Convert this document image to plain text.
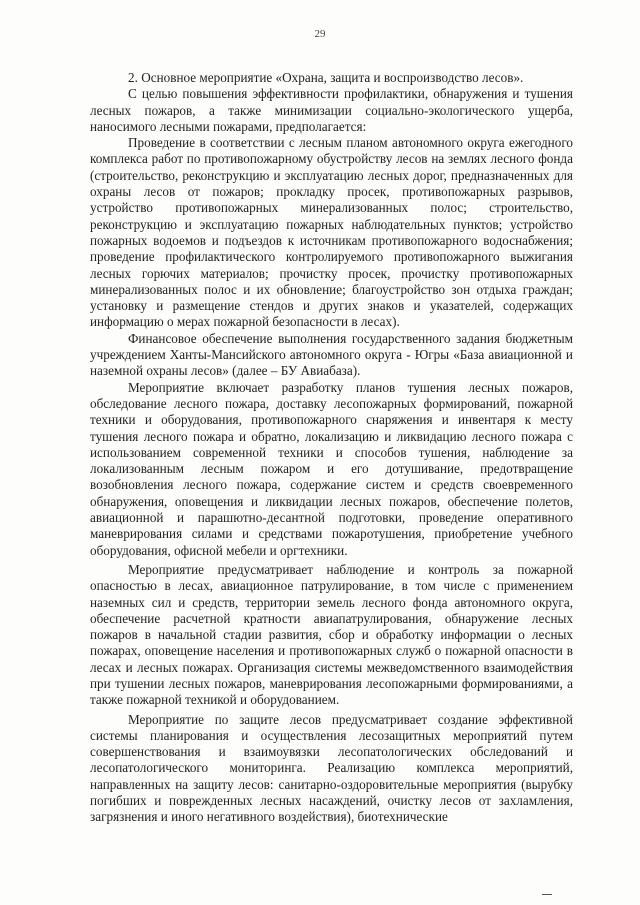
29

2. Основное мероприятие «Охрана, защита и воспроизводство лесов».

С целью повышения эффективности профилактики, обнаружения и тушения лесных пожаров, а также минимизации социально-экологического ущерба, наносимого лесными пожарами, предполагается:

Проведение в соответствии с лесным планом автономного округа ежегодного комплекса работ по противопожарному обустройству лесов на землях лесного фонда (строительство, реконструкцию и эксплуатацию лесных дорог, предназначенных для охраны лесов от пожаров; прокладку просек, противопожарных разрывов, устройство противопожарных минерализованных полос; строительство, реконструкцию и эксплуатацию пожарных наблюдательных пунктов; устройство пожарных водоемов и подъездов к источникам противопожарного водоснабжения; проведение профилактического контролируемого противопожарного выжигания лесных горючих материалов; прочистку просек, прочистку противопожарных минерализованных полос и их обновление; благоустройство зон отдыха граждан; установку и размещение стендов и других знаков и указателей, содержащих информацию о мерах пожарной безопасности в лесах).

Финансовое обеспечение выполнения государственного задания бюджетным учреждением Ханты-Мансийского автономного округа - Югры «База авиационной и наземной охраны лесов» (далее – БУ Авиабаза).

Мероприятие включает разработку планов тушения лесных пожаров, обследование лесного пожара, доставку лесопожарных формирований, пожарной техники и оборудования, противопожарного снаряжения и инвентаря к месту тушения лесного пожара и обратно, локализацию и ликвидацию лесного пожара с использованием современной техники и способов тушения, наблюдение за локализованным лесным пожаром и его дотушивание, предотвращение возобновления лесного пожара, содержание систем и средств своевременного обнаружения, оповещения и ликвидации лесных пожаров, обеспечение полетов, авиационной и парашютно-десантной подготовки, проведение оперативного маневрирования силами и средствами пожаротушения, приобретение учебного оборудования, офисной мебели и оргтехники.

Мероприятие предусматривает наблюдение и контроль за пожарной опасностью в лесах, авиационное патрулирование, в том числе с применением наземных сил и средств, территории земель лесного фонда автономного округа, обеспечение расчетной кратности авиапатрулирования, обнаружение лесных пожаров в начальной стадии развития, сбор и обработку информации о лесных пожарах, оповещение населения и противопожарных служб о пожарной опасности в лесах и лесных пожарах. Организация системы межведомственного взаимодействия при тушении лесных пожаров, маневрирования лесопожарными формированиями, а также пожарной техникой и оборудованием.

Мероприятие по защите лесов предусматривает создание эффективной системы планирования и осуществления лесозащитных мероприятий путем совершенствования и взаимоувязки лесопатологических обследований и лесопатологического мониторинга. Реализацию комплекса мероприятий, направленных на защиту лесов: санитарно-оздоровительные мероприятия (вырубку погибших и поврежденных лесных насаждений, очистку лесов от захламления, загрязнения и иного негативного воздействия), биотехнические
